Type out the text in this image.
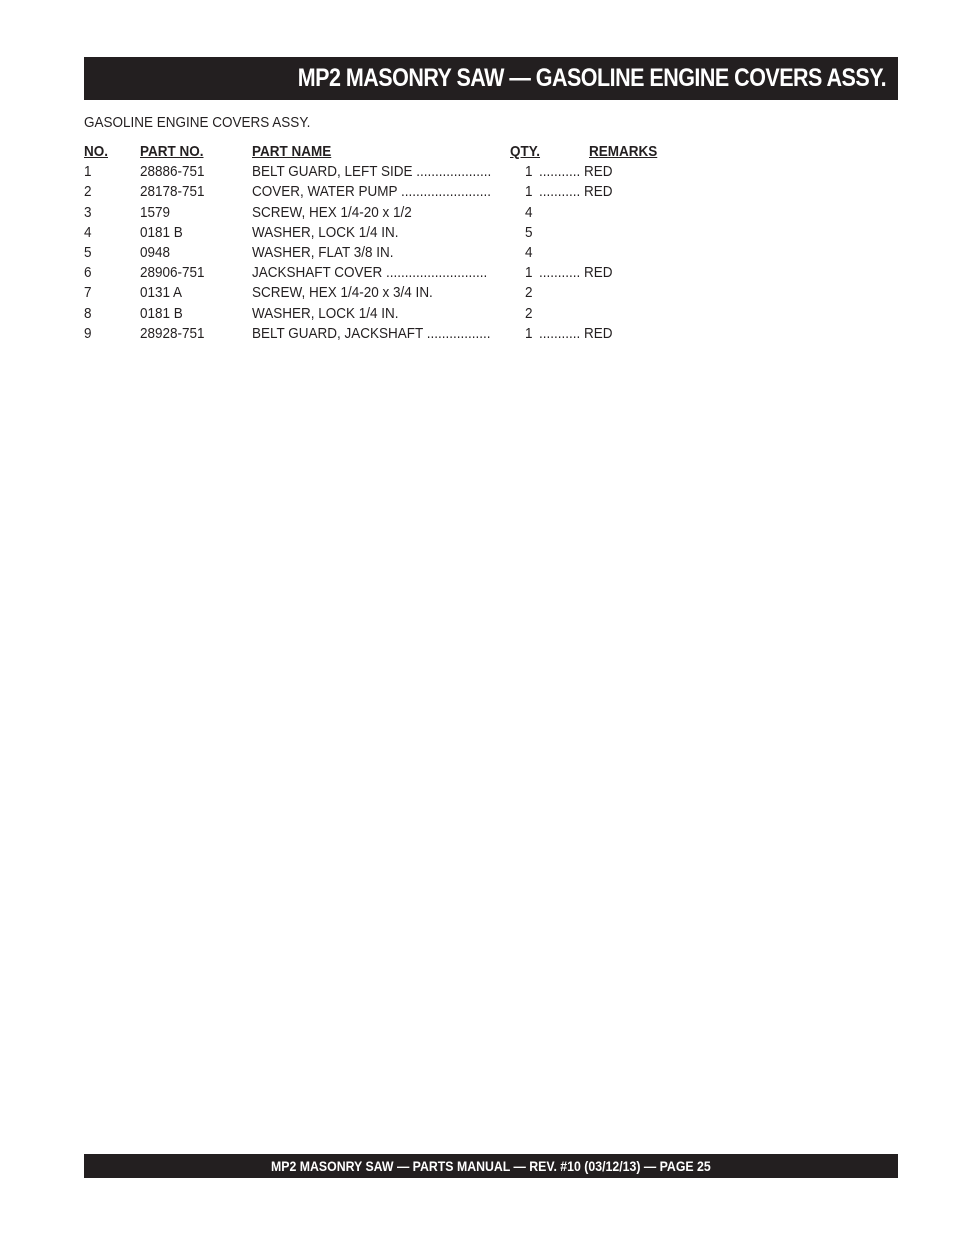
MP2 MASONRY SAW — GASOLINE ENGINE COVERS ASSY.
GASOLINE ENGINE COVERS ASSY.
NO. PART NO.	PART NAME	QTY.	REMARKS
1	28886-751	BELT GUARD, LEFT SIDE .................... 1 ........... RED
2	28178-751	COVER, WATER PUMP ........................ 1 ........... RED
3	1579	SCREW, HEX 1/4-20 x 1/2	4
4	0181 B	WASHER, LOCK 1/4 IN.	5
5	0948	WASHER, FLAT 3/8 IN.	4
6	28906-751	JACKSHAFT COVER ...........................	1 ........... RED
7	0131 A	SCREW, HEX 1/4-20 x 3/4 IN.	2
8	0181 B	WASHER, LOCK 1/4 IN.	2
9	28928-751	BELT GUARD, JACKSHAFT ................. 1 ........... RED
MP2 MASONRY SAW — PARTS MANUAL — REV. #10 (03/12/13) — PAGE 25
